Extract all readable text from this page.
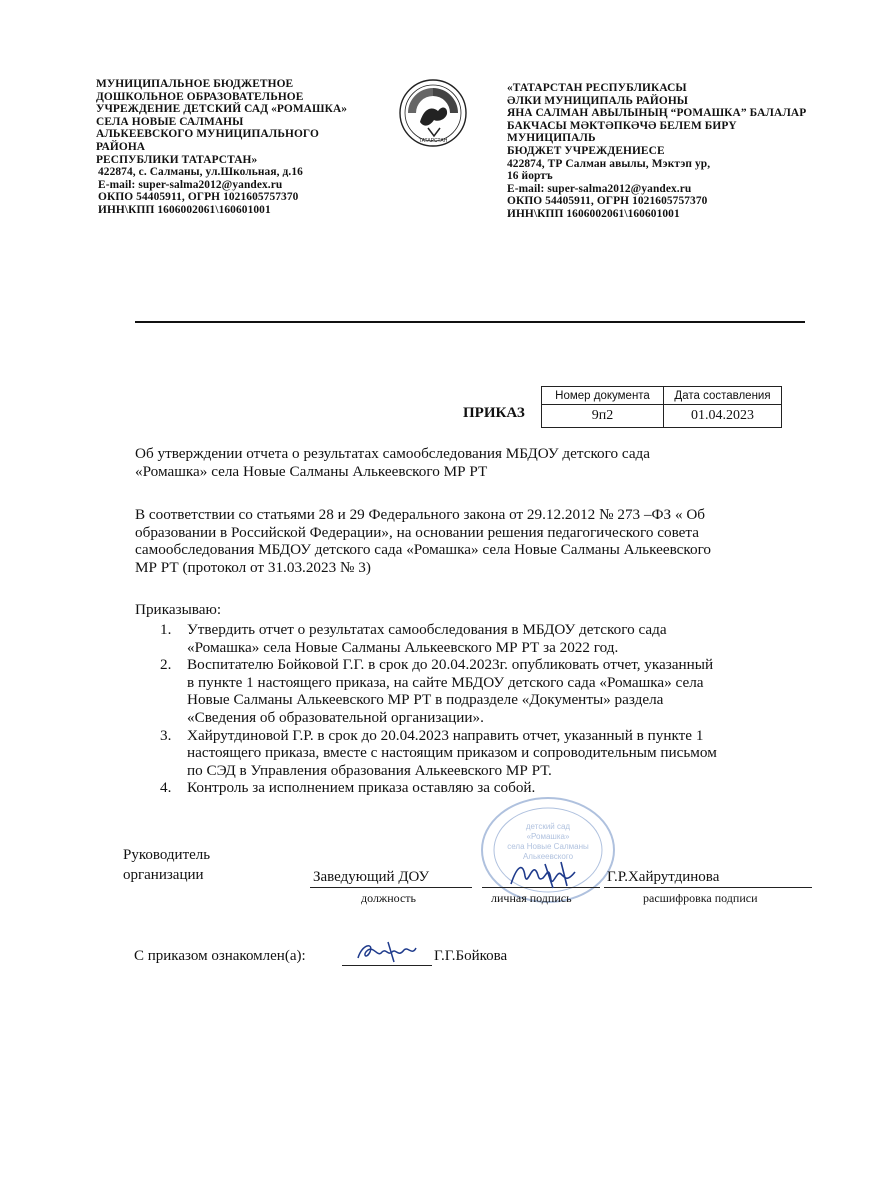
МУНИЦИПАЛЬНОЕ БЮДЖЕТНОЕ
ДОШКОЛЬНОЕ ОБРАЗОВАТЕЛЬНОЕ
УЧРЕЖДЕНИЕ ДЕТСКИЙ САД «РОМАШКА»
СЕЛА НОВЫЕ САЛМАНЫ
АЛЬКЕЕВСКОГО МУНИЦИПАЛЬНОГО
РАЙОНА
РЕСПУБЛИКИ ТАТАРСТАН»
422874, с. Салманы, ул.Школьная, д.16
E-mail: super-salma2012@yandex.ru
ОКПО 54405911, ОГРН 1021605757370
ИНН\КПП 1606002061\160601001
ТАТАРСТАН
«ТАТАРСТАН РЕСПУБЛИКАСЫ
ӘЛКИ МУНИЦИПАЛЬ РАЙОНЫ
ЯНА САЛМАН АВЫЛЫНЫҢ “РОМАШКА” БАЛАЛАР
БАКЧАСЫ МӘКТӘПКӘЧӘ БЕЛЕМ БИРҮ
МУНИЦИПАЛЬ
БЮДЖЕТ УЧРЕЖДЕНИЕСЕ
422874, ТР Салман авылы, Мэктэп ур,
16 йортъ
E-mail: super-salma2012@yandex.ru
ОКПО 54405911, ОГРН 1021605757370
ИНН\КПП 1606002061\160601001
ПРИКАЗ
Номер документа	Дата составления
9п2	01.04.2023
Об утверждении отчета о результатах самообследования МБДОУ детского сада
«Ромашка» села Новые Салманы Алькеевского МР РТ
В соответствии со статьями 28 и 29 Федерального закона от 29.12.2012 № 273 –ФЗ « Об
образовании в Российской Федерации», на основании решения педагогического совета
самообследования МБДОУ детского сада «Ромашка» села Новые Салманы Алькеевского
МР РТ (протокол от 31.03.2023 № 3)
Приказываю:
детский сад
«Ромашка»
села Новые Салманы
Алькеевского
1. Утвердить отчет о результатах самообследования в МБДОУ детского сада
«Ромашка» села Новые Салманы Алькеевского МР РТ за 2022 год.
2. Воспитателю Бойковой Г.Г. в срок до 20.04.2023г. опубликовать отчет, указанный
в пункте 1 настоящего приказа, на сайте МБДОУ детского сада «Ромашка» села
Новые Салманы Алькеевского МР РТ в подразделе «Документы» раздела
«Сведения об образовательной организации».
3. Хайрутдиновой Г.Р. в срок до 20.04.2023 направить отчет, указанный в пункте 1
настоящего приказа, вместе с настоящим приказом и сопроводительным письмом
по СЭД в Управления образования Алькеевского МР РТ.
4. Контроль за исполнением приказа оставляю за собой.
Руководитель
организации	Заведующий ДОУ
должность	личная подпись
Г.Р.Хайрутдинова
расшифровка подписи
С приказом ознакомлен(а):	Г.Г.Бойкова
